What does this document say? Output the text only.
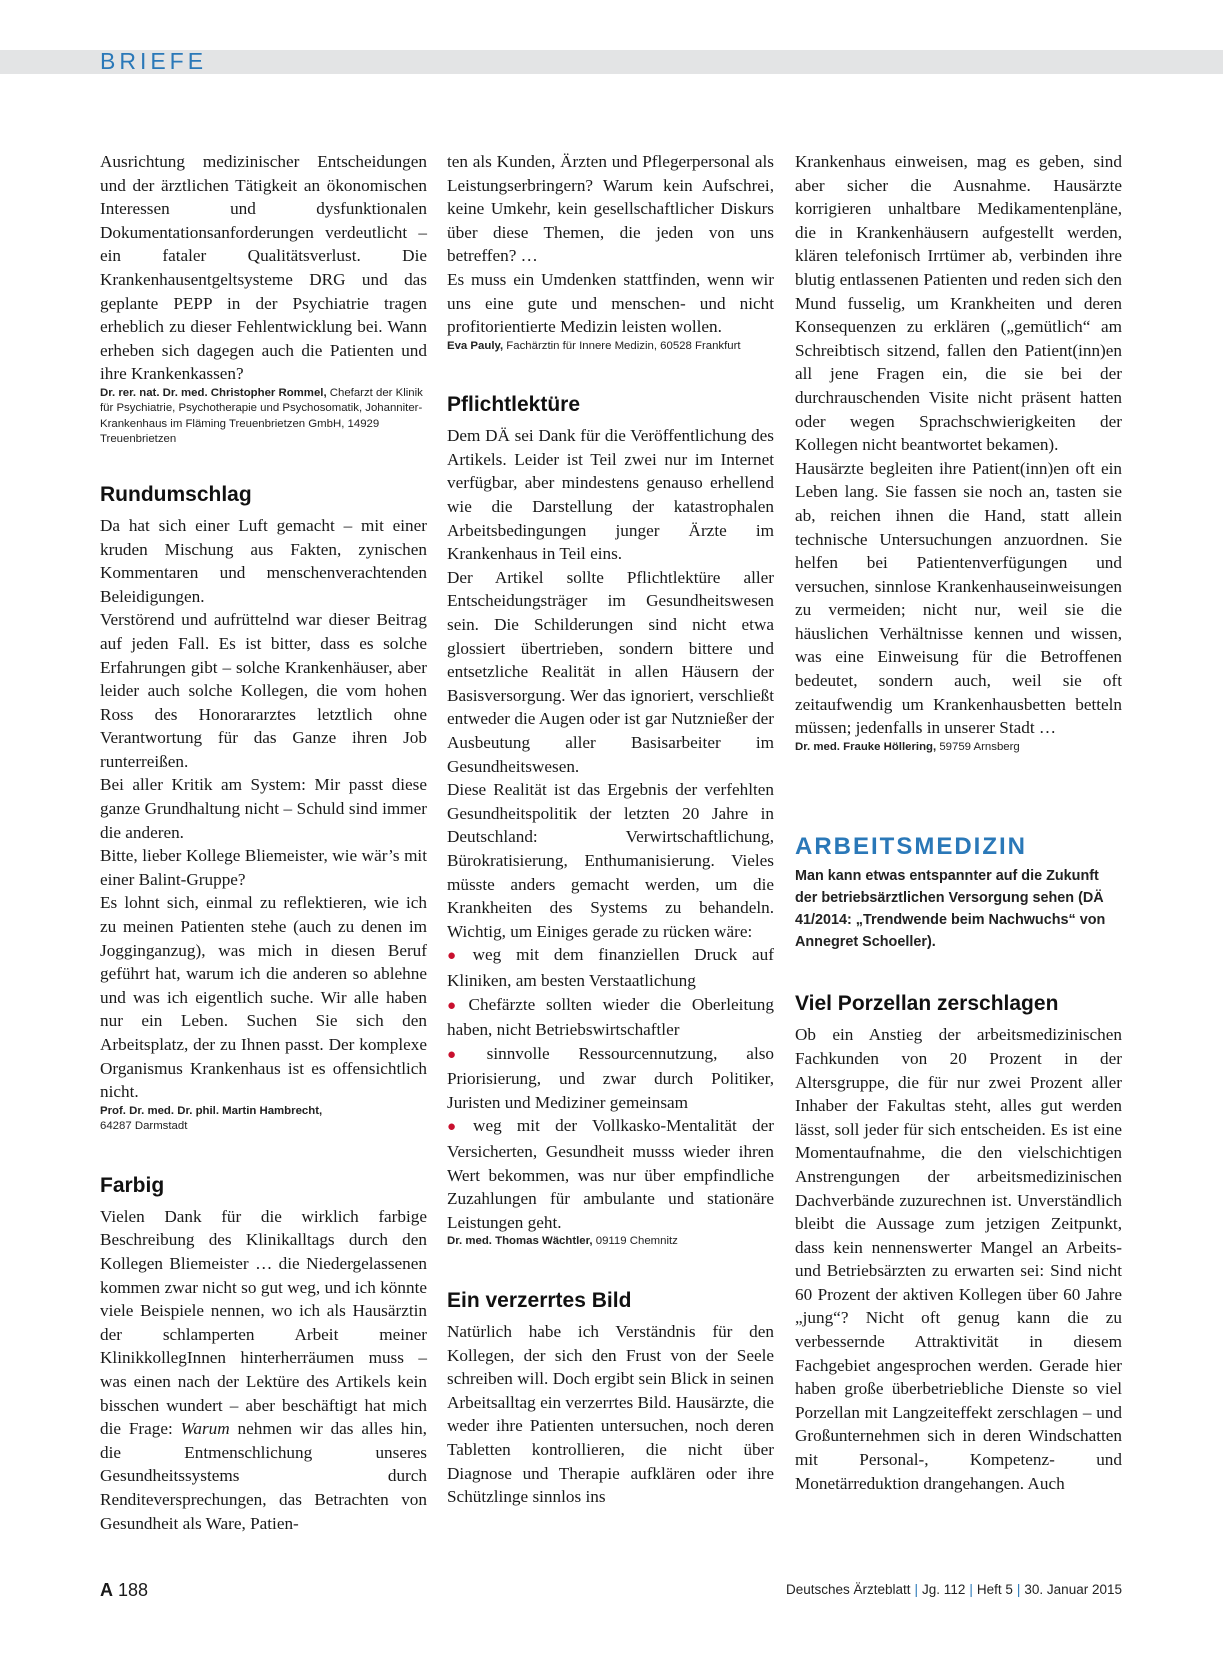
BRIEFE

Ausrichtung medizinischer Entscheidungen und der ärztlichen Tätigkeit an ökonomischen Interessen und dysfunktionalen Dokumentationsanforderungen verdeutlicht – ein fataler Qualitätsverlust. Die Krankenhausentgeltsysteme DRG und das geplante PEPP in der Psychiatrie tragen erheblich zu dieser Fehlentwicklung bei. Wann erheben sich dagegen auch die Patienten und ihre Krankenkassen?

Dr. rer. nat. Dr. med. Christopher Rommel, Chefarzt der Klinik für Psychiatrie, Psychotherapie und Psychosomatik, Johanniter-Krankenhaus im Fläming Treuenbrietzen GmbH, 14929 Treuenbrietzen

Rundumschlag

Da hat sich einer Luft gemacht – mit einer kruden Mischung aus Fakten, zynischen Kommentaren und menschenverachtenden Beleidigungen.

Verstörend und aufrüttelnd war dieser Beitrag auf jeden Fall. Es ist bitter, dass es solche Erfahrungen gibt – solche Krankenhäuser, aber leider auch solche Kollegen, die vom hohen Ross des Honorararztes letztlich ohne Verantwortung für das Ganze ihren Job runterreißen.

Bei aller Kritik am System: Mir passt diese ganze Grundhaltung nicht – Schuld sind immer die anderen.

Bitte, lieber Kollege Bliemeister, wie wär’s mit einer Balint-Gruppe?

Es lohnt sich, einmal zu reflektieren, wie ich zu meinen Patienten stehe (auch zu denen im Jogginganzug), was mich in diesen Beruf geführt hat, warum ich die anderen so ablehne und was ich eigentlich suche. Wir alle haben nur ein Leben. Suchen Sie sich den Arbeitsplatz, der zu Ihnen passt. Der komplexe Organismus Krankenhaus ist es offensichtlich nicht.

Prof. Dr. med. Dr. phil. Martin Hambrecht,
64287 Darmstadt

Farbig

Vielen Dank für die wirklich farbige Beschreibung des Klinikalltags durch den Kollegen Bliemeister … die Niedergelassenen kommen zwar nicht so gut weg, und ich könnte viele Beispiele nennen, wo ich als Hausärztin der schlamperten Arbeit meiner KlinikkollegInnen hinterherräumen muss – was einen nach der Lektüre des Artikels kein bisschen wundert – aber beschäftigt hat mich die Frage: Warum nehmen wir das alles hin, die Entmenschlichung unseres Gesundheitssystems durch Renditeversprechungen, das Betrachten von Gesundheit als Ware, Patien-

ten als Kunden, Ärzten und Pflegerpersonal als Leistungserbringern? Warum kein Aufschrei, keine Umkehr, kein gesellschaftlicher Diskurs über diese Themen, die jeden von uns betreffen? …

Es muss ein Umdenken stattfinden, wenn wir uns eine gute und menschen- und nicht profitorientierte Medizin leisten wollen.

Eva Pauly, Fachärztin für Innere Medizin, 60528 Frankfurt

Pflichtlektüre

Dem DÄ sei Dank für die Veröffentlichung des Artikels. Leider ist Teil zwei nur im Internet verfügbar, aber mindestens genauso erhellend wie die Darstellung der katastrophalen Arbeitsbedingungen junger Ärzte im Krankenhaus in Teil eins.

Der Artikel sollte Pflichtlektüre aller Entscheidungsträger im Gesundheitswesen sein. Die Schilderungen sind nicht etwa glossiert übertrieben, sondern bittere und entsetzliche Realität in allen Häusern der Basisversorgung. Wer das ignoriert, verschließt entweder die Augen oder ist gar Nutznießer der Ausbeutung aller Basisarbeiter im Gesundheitswesen.

Diese Realität ist das Ergebnis der verfehlten Gesundheitspolitik der letzten 20 Jahre in Deutschland: Verwirtschaftlichung, Bürokratisierung, Enthumanisierung. Vieles müsste anders gemacht werden, um die Krankheiten des Systems zu behandeln. Wichtig, um Einiges gerade zu rücken wäre:

● weg mit dem finanziellen Druck auf Kliniken, am besten Verstaatlichung

● Chefärzte sollten wieder die Oberleitung haben, nicht Betriebswirtschaftler

● sinnvolle Ressourcennutzung, also Priorisierung, und zwar durch Politiker, Juristen und Mediziner gemeinsam

● weg mit der Vollkasko-Mentalität der Versicherten, Gesundheit musss wieder ihren Wert bekommen, was nur über empfindliche Zuzahlungen für ambulante und stationäre Leistungen geht.

Dr. med. Thomas Wächtler, 09119 Chemnitz

Ein verzerrtes Bild

Natürlich habe ich Verständnis für den Kollegen, der sich den Frust von der Seele schreiben will. Doch ergibt sein Blick in seinen Arbeitsalltag ein verzerrtes Bild. Hausärzte, die weder ihre Patienten untersuchen, noch deren Tabletten kontrollieren, die nicht über Diagnose und Therapie aufklären oder ihre Schützlinge sinnlos ins

Krankenhaus einweisen, mag es geben, sind aber sicher die Ausnahme. Hausärzte korrigieren unhaltbare Medikamentenpläne, die in Krankenhäusern aufgestellt werden, klären telefonisch Irrtümer ab, verbinden ihre blutig entlassenen Patienten und reden sich den Mund fusselig, um Krankheiten und deren Konsequenzen zu erklären („gemütlich“ am Schreibtisch sitzend, fallen den Patient(inn)en all jene Fragen ein, die sie bei der durchrauschenden Visite nicht präsent hatten oder wegen Sprachschwierigkeiten der Kollegen nicht beantwortet bekamen).

Hausärzte begleiten ihre Patient(inn)en oft ein Leben lang. Sie fassen sie noch an, tasten sie ab, reichen ihnen die Hand, statt allein technische Untersuchungen anzuordnen. Sie helfen bei Patientenverfügungen und versuchen, sinnlose Krankenhauseinweisungen zu vermeiden; nicht nur, weil sie die häuslichen Verhältnisse kennen und wissen, was eine Einweisung für die Betroffenen bedeutet, sondern auch, weil sie oft zeitaufwendig um Krankenhausbetten betteln müssen; jedenfalls in unserer Stadt …

Dr. med. Frauke Höllering, 59759 Arnsberg

ARBEITSMEDIZIN
Man kann etwas entspannter auf die Zukunft der betriebsärztlichen Versorgung sehen (DÄ 41/2014: „Trendwende beim Nachwuchs“ von Annegret Schoeller).
Viel Porzellan zerschlagen

Ob ein Anstieg der arbeitsmedizinischen Fachkunden von 20 Prozent in der Altersgruppe, die für nur zwei Prozent aller Inhaber der Fakultas steht, alles gut werden lässt, soll jeder für sich entscheiden. Es ist eine Momentaufnahme, die den vielschichtigen Anstrengungen der arbeitsmedizinischen Dachverbände zuzurechnen ist. Unverständlich bleibt die Aussage zum jetzigen Zeitpunkt, dass kein nennenswerter Mangel an Arbeits- und Betriebsärzten zu erwarten sei: Sind nicht 60 Prozent der aktiven Kollegen über 60 Jahre „jung“? Nicht oft genug kann die zu verbessernde Attraktivität in diesem Fachgebiet angesprochen werden. Gerade hier haben große überbetriebliche Dienste so viel Porzellan mit Langzeiteffekt zerschlagen – und Großunternehmen sich in deren Windschatten mit Personal-, Kompetenz- und Monetärreduktion drangehangen. Auch

A 188	Deutsches Ärzteblatt | Jg. 112 | Heft 5 | 30. Januar 2015
